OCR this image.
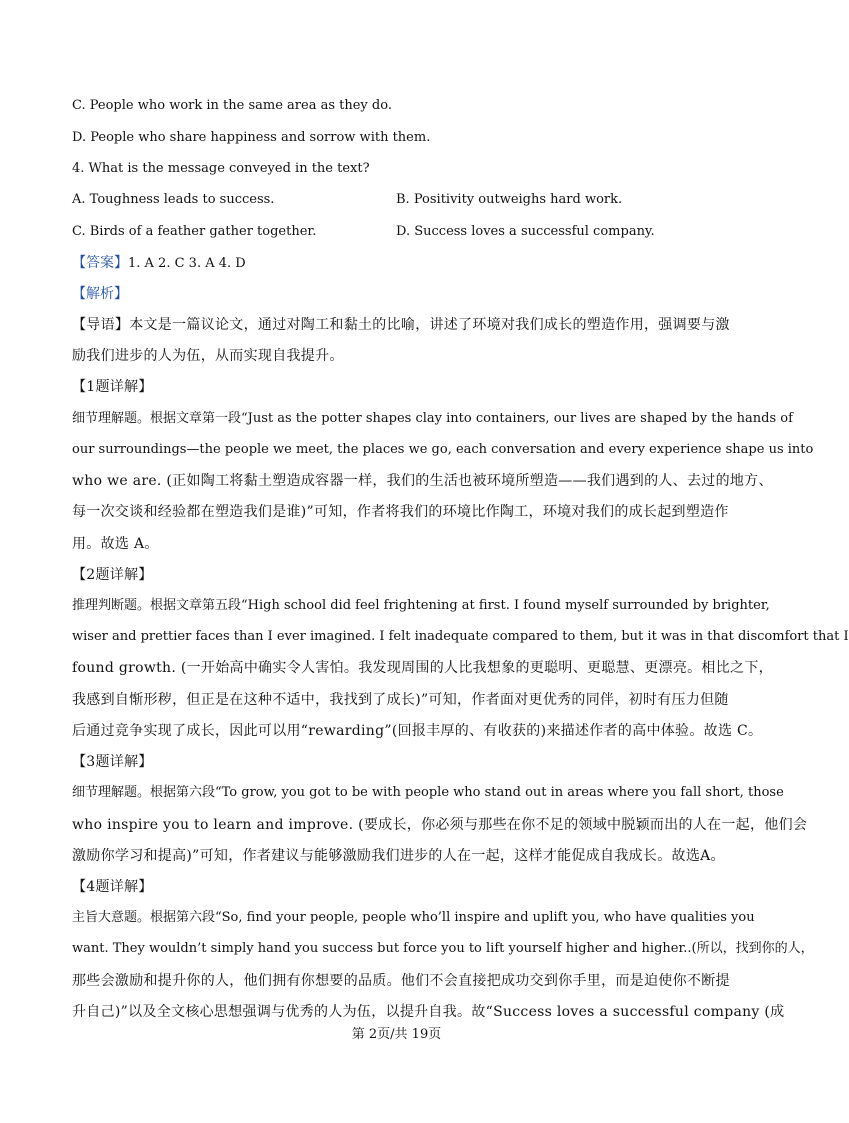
C. People who work in the same area as they do.
D. People who share happiness and sorrow with them.
4. What is the message conveyed in the text?
A. Toughness leads to success.	B. Positivity outweighs hard work.
C. Birds of a feather gather together.	D. Success loves a successful company.
【答案】1. A 2. C 3. A 4. D
【解析】
【导语】本文是一篇议论文，通过对陶工和黏土的比喻，讲述了环境对我们成长的塑造作用，强调要与激
励我们进步的人为伍，从而实现自我提升。
【1题详解】
细节理解题。根据文章第一段“Just as the potter shapes clay into containers, our lives are shaped by the hands of
our surroundings—the people we meet, the places we go, each conversation and every experience shape us into
who we are. (正如陶工将黏土塑造成容器一样，我们的生活也被环境所塑造——我们遇到的人、去过的地方、
每一次交谈和经验都在塑造我们是谁)”可知，作者将我们的环境比作陶工，环境对我们的成长起到塑造作
用。故选 A。
【2题详解】
推理判断题。根据文章第五段“High school did feel frightening at first. I found myself surrounded by brighter,
wiser and prettier faces than I ever imagined. I felt inadequate compared to them, but it was in that discomfort that I
found growth. (一开始高中确实令人害怕。我发现周围的人比我想象的更聪明、更聪慧、更漂亮。相比之下，
我感到自惭形秽，但正是在这种不适中，我找到了成长)”可知，作者面对更优秀的同伴，初时有压力但随
后通过竞争实现了成长，因此可以用“rewarding”(回报丰厚的、有收获的)来描述作者的高中体验。故选 C。
【3题详解】
细节理解题。根据第六段“To grow, you got to be with people who stand out in areas where you fall short, those
who inspire you to learn and improve. (要成长，你必须与那些在你不足的领域中脱颖而出的人在一起，他们会
激励你学习和提高)”可知，作者建议与能够激励我们进步的人在一起，这样才能促成自我成长。故选A。
【4题详解】
主旨大意题。根据第六段“So, find your people, people who’ll inspire and uplift you, who have qualities you
want. They wouldn’t simply hand you success but force you to lift yourself higher and higher..(所以，找到你的人，
那些会激励和提升你的人，他们拥有你想要的品质。他们不会直接把成功交到你手里，而是迫使你不断提
升自己)”以及全文核心思想强调与优秀的人为伍，以提升自我。故“Success loves a successful company (成
第 2页/共 19页
